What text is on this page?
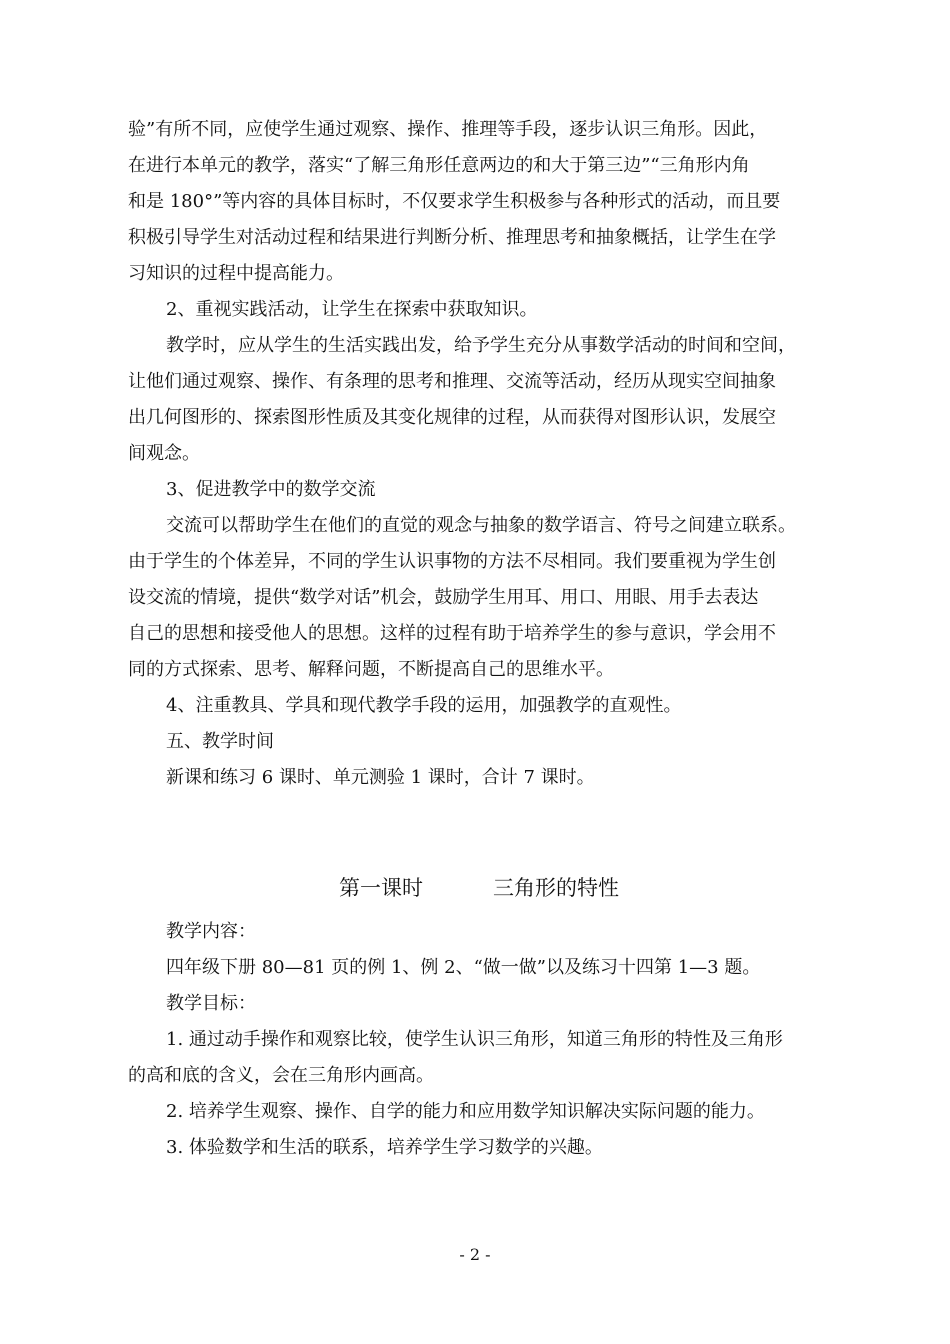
验”有所不同，应使学生通过观察、操作、推理等手段，逐步认识三角形。因此，
在进行本单元的教学，落实“了解三角形任意两边的和大于第三边”“三角形内角
和是 180°”等内容的具体目标时，不仅要求学生积极参与各种形式的活动，而且要
积极引导学生对活动过程和结果进行判断分析、推理思考和抽象概括，让学生在学
习知识的过程中提高能力。
2、重视实践活动，让学生在探索中获取知识。
教学时，应从学生的生活实践出发，给予学生充分从事数学活动的时间和空间，
让他们通过观察、操作、有条理的思考和推理、交流等活动，经历从现实空间抽象
出几何图形的、探索图形性质及其变化规律的过程，从而获得对图形认识，发展空
间观念。
3、促进教学中的数学交流
交流可以帮助学生在他们的直觉的观念与抽象的数学语言、符号之间建立联系。
由于学生的个体差异，不同的学生认识事物的方法不尽相同。我们要重视为学生创
设交流的情境，提供“数学对话”机会，鼓励学生用耳、用口、用眼、用手去表达
自己的思想和接受他人的思想。这样的过程有助于培养学生的参与意识，学会用不
同的方式探索、思考、解释问题，不断提高自己的思维水平。
4、注重教具、学具和现代教学手段的运用，加强教学的直观性。
五、教学时间
新课和练习 6 课时、单元测验 1 课时，合计 7 课时。
第一课时	三角形的特性
教学内容：
四年级下册 80—81 页的例 1、例 2、“做一做”以及练习十四第 1—3 题。
教学目标：
1. 通过动手操作和观察比较，使学生认识三角形，知道三角形的特性及三角形
的高和底的含义，会在三角形内画高。
2. 培养学生观察、操作、自学的能力和应用数学知识解决实际问题的能力。
3. 体验数学和生活的联系，培养学生学习数学的兴趣。
- 2 -
